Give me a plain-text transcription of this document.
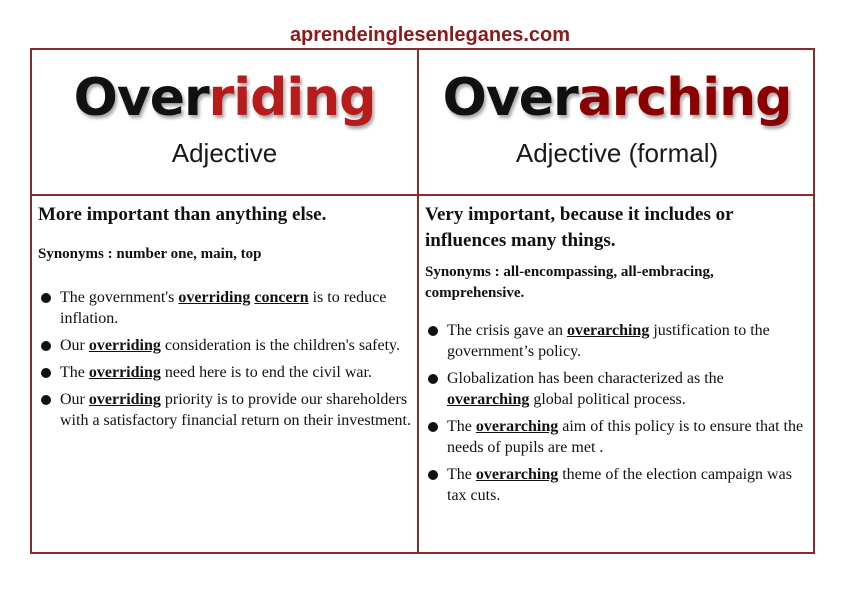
aprendeinglesenleganes.com
Overriding
Adjective
Overarching
Adjective (formal)
More important than anything else.
Synonyms : number one, main, top
The government's overriding concern is to reduce inflation.
Our overriding consideration is the children's safety.
The overriding need here is to end the civil war.
Our overriding priority is to provide our shareholders with a satisfactory financial return on their investment.
Very important, because it includes or influences many things.
Synonyms : all-encompassing, all-embracing, comprehensive.
The crisis gave an overarching justification to the government’s policy.
Globalization has been characterized as the overarching global political process.
The overarching aim of this policy is to ensure that the needs of pupils are met .
The overarching theme of the election campaign was tax cuts.
